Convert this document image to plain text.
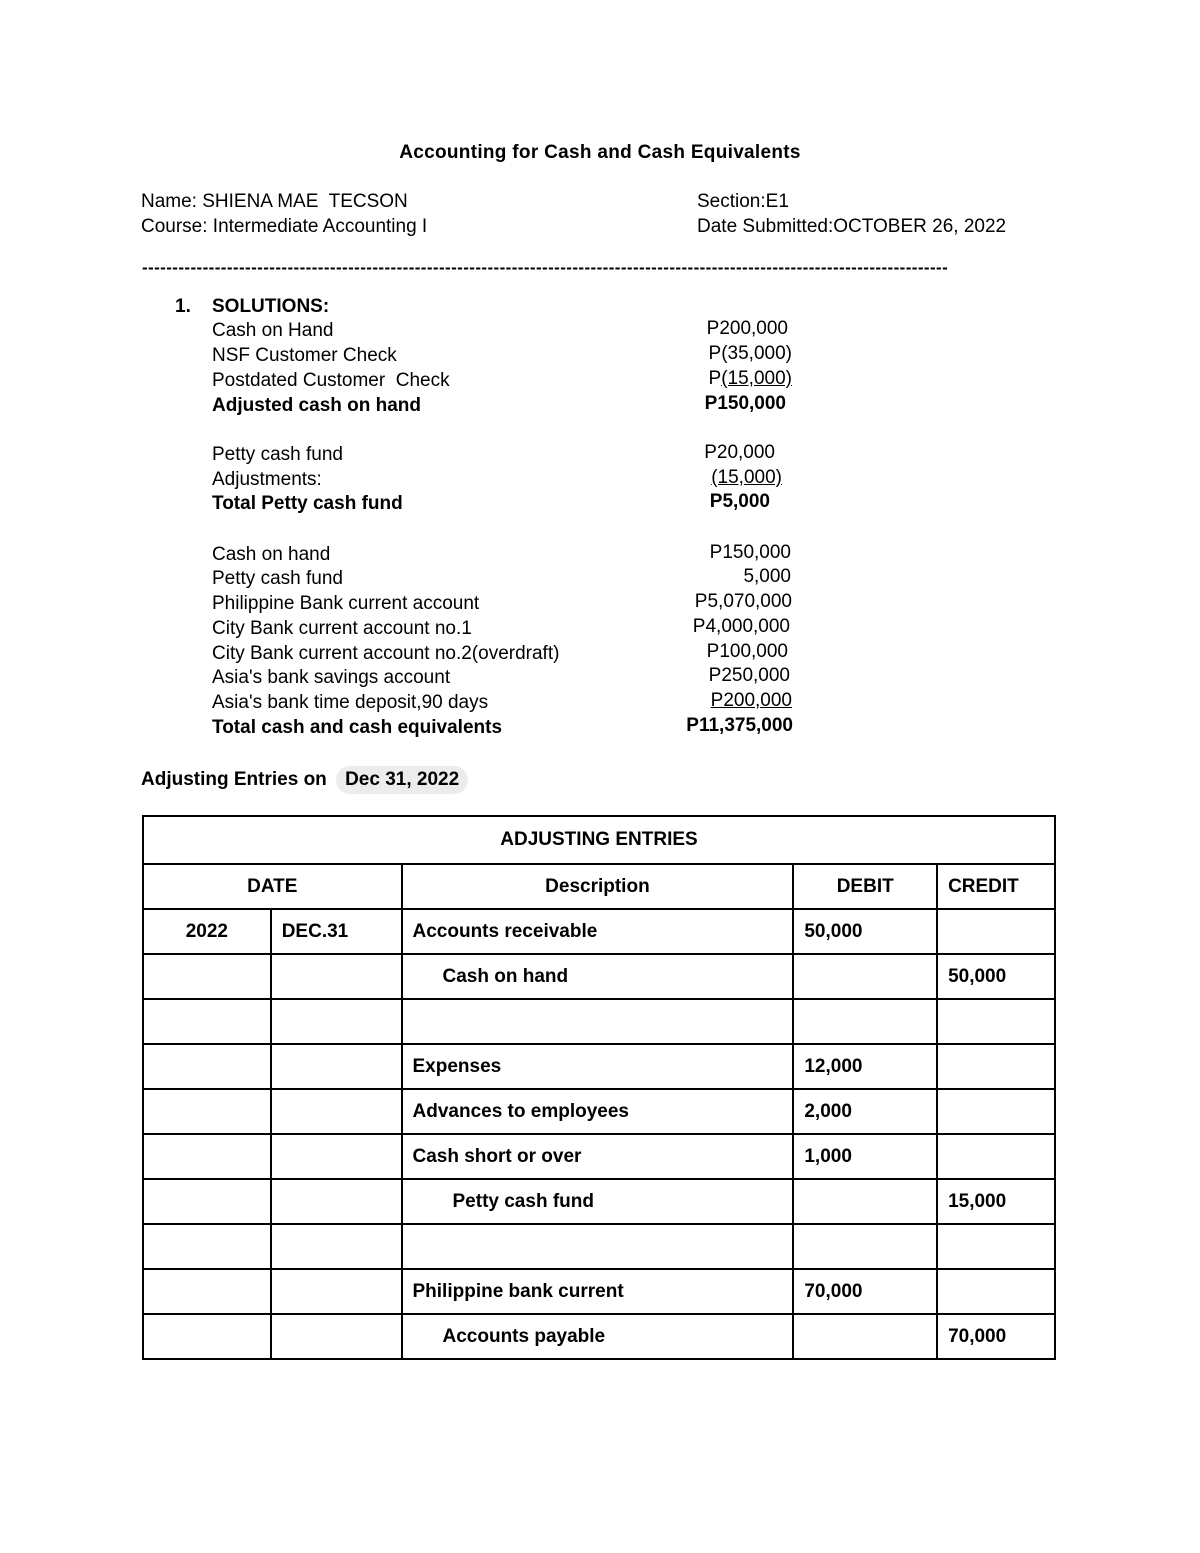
Accounting for Cash and Cash Equivalents
Name: SHIENA MAE  TECSON
Course: Intermediate Accounting I
Section:E1
Date Submitted:OCTOBER 26, 2022
-------------------------------------------------------------------------------------------------------------------------------------
1. SOLUTIONS:
Cash on Hand	P200,000
NSF Customer Check	P(35,000)
Postdated Customer  Check	P(15,000)
Adjusted cash on hand	P150,000
Petty cash fund	P20,000
Adjustments:	(15,000)
Total Petty cash fund	P5,000
Cash on hand	P150,000
Petty cash fund	5,000
Philippine Bank current account	P5,070,000
City Bank current account no.1	P4,000,000
City Bank current account no.2(overdraft)	P100,000
Asia's bank savings account	P250,000
Asia's bank time deposit,90 days	P200,000
Total cash and cash equivalents	P11,375,000
Adjusting Entries on Dec 31, 2022
ADJUSTING ENTRIES				
DATE		Description	DEBIT	CREDIT
2022	DEC.31	Accounts receivable	50,000	
		Cash on hand		50,000

		Expenses	12,000	
		Advances to employees	2,000	
		Cash short or over	1,000	
		Petty cash fund		15,000

		Philippine bank current	70,000	
		Accounts payable		70,000
